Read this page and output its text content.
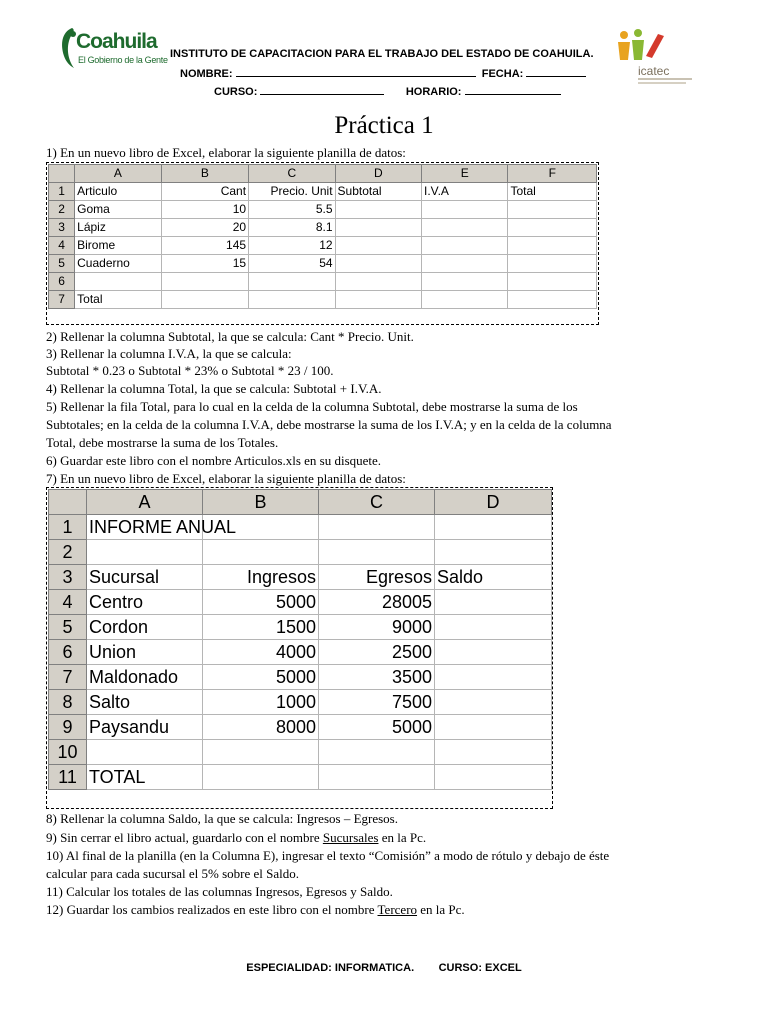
Coahuila
El Gobierno de la Gente
icatec
INSTITUTO DE CAPACITACION PARA EL TRABAJO DEL ESTADO DE COAHUILA.
NOMBRE:	FECHA:
CURSO:	HORARIO:
Práctica 1
1) En un nuevo libro de Excel, elaborar la siguiente planilla de datos:
	A	B	C	D	E	F
1	Articulo	Cant	Precio. Unit	Subtotal	I.V.A	Total
2	Goma	10	5.5			
3	Lápiz	20	8.1			
4	Birome	145	12			
5	Cuaderno	15	54			
6						
7	Total					
2) Rellenar la columna Subtotal, la que se calcula: Cant * Precio. Unit.
3) Rellenar la columna I.V.A, la que se calcula:
Subtotal * 0.23 o Subtotal * 23% o Subtotal * 23 / 100.
4) Rellenar la columna Total, la que se calcula: Subtotal + I.V.A.
5) Rellenar la fila Total, para lo cual en la celda de la columna Subtotal, debe mostrarse la suma de los
Subtotales; en la celda de la columna I.V.A, debe mostrarse la suma de los I.V.A; y en la celda de la columna
Total, debe mostrarse la suma de los Totales.
6) Guardar este libro con el nombre Articulos.xls en su disquete.
7) En un nuevo libro de Excel, elaborar la siguiente planilla de datos:
	A	B	C	D
1	INFORME ANUAL			
2				
3	Sucursal	Ingresos	Egresos	Saldo
4	Centro	5000	28005	
5	Cordon	1500	9000	
6	Union	4000	2500	
7	Maldonado	5000	3500	
8	Salto	1000	7500	
9	Paysandu	8000	5000	
10				
11	TOTAL			
8) Rellenar la columna Saldo, la que se calcula: Ingresos – Egresos.
9) Sin cerrar el libro actual, guardarlo con el nombre Sucursales en la Pc.
10) Al final de la planilla (en la Columna E), ingresar el texto “Comisión” a modo de rótulo y debajo de éste
calcular para cada sucursal el 5% sobre el Saldo.
11) Calcular los totales de las columnas Ingresos, Egresos y Saldo.
12) Guardar los cambios realizados en este libro con el nombre Tercero en la Pc.
ESPECIALIDAD: INFORMATICA. CURSO: EXCEL
